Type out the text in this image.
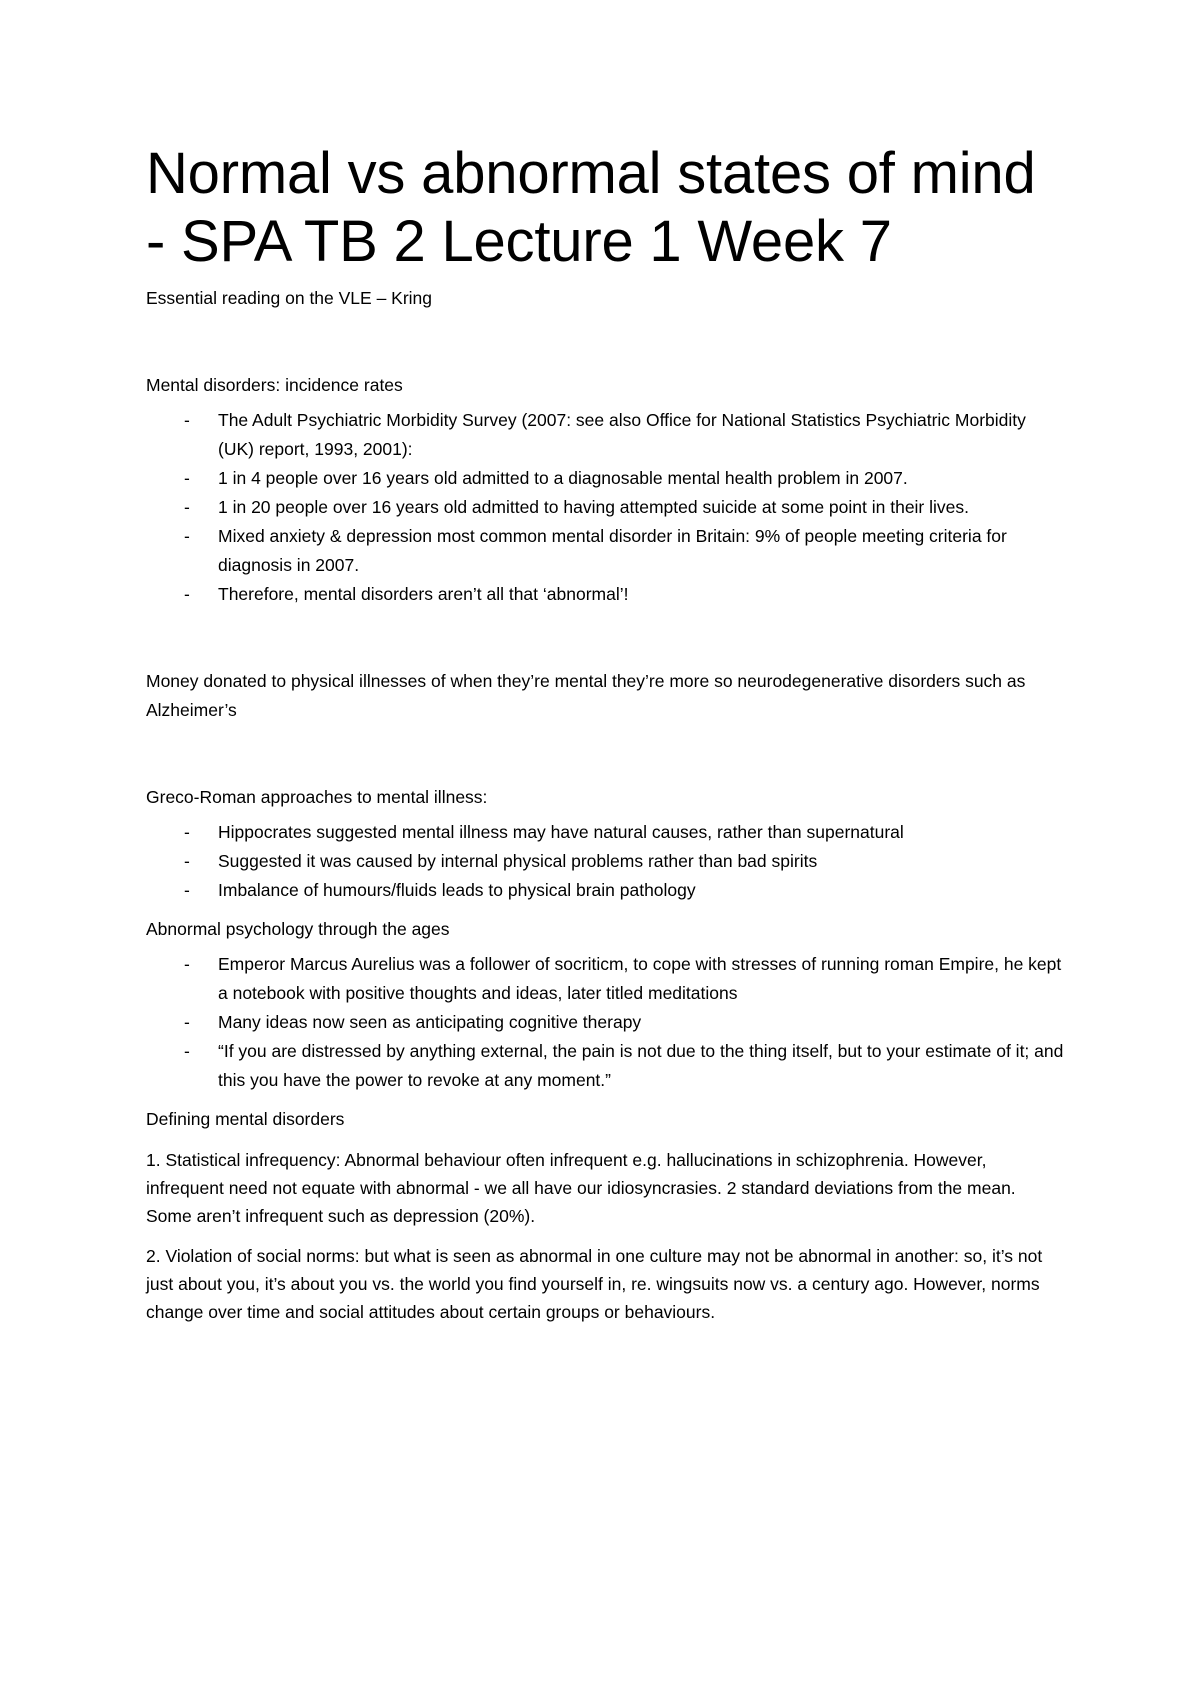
Normal vs abnormal states of mind - SPA TB 2 Lecture 1 Week 7

Essential reading on the VLE – Kring

Mental disorders: incidence rates

- The Adult Psychiatric Morbidity Survey (2007: see also Office for National Statistics Psychiatric Morbidity (UK) report, 1993, 2001):
- 1 in 4 people over 16 years old admitted to a diagnosable mental health problem in 2007.
- 1 in 20 people over 16 years old admitted to having attempted suicide at some point in their lives.
- Mixed anxiety & depression most common mental disorder in Britain: 9% of people meeting criteria for diagnosis in 2007.
- Therefore, mental disorders aren’t all that ‘abnormal’!

Money donated to physical illnesses of when they’re mental they’re more so neurodegenerative disorders such as Alzheimer’s

Greco-Roman approaches to mental illness:

- Hippocrates suggested mental illness may have natural causes, rather than supernatural
- Suggested it was caused by internal physical problems rather than bad spirits
- Imbalance of humours/fluids leads to physical brain pathology

Abnormal psychology through the ages

- Emperor Marcus Aurelius was a follower of socriticm, to cope with stresses of running roman Empire, he kept a notebook with positive thoughts and ideas, later titled meditations
- Many ideas now seen as anticipating cognitive therapy
- “If you are distressed by anything external, the pain is not due to the thing itself, but to your estimate of it; and this you have the power to revoke at any moment.”

Defining mental disorders

1. Statistical infrequency: Abnormal behaviour often infrequent e.g. hallucinations in schizophrenia. However, infrequent need not equate with abnormal - we all have our idiosyncrasies. 2 standard deviations from the mean. Some aren’t infrequent such as depression (20%).

2. Violation of social norms: but what is seen as abnormal in one culture may not be abnormal in another: so, it’s not just about you, it’s about you vs. the world you find yourself in, re. wingsuits now vs. a century ago. However, norms change over time and social attitudes about certain groups or behaviours.
